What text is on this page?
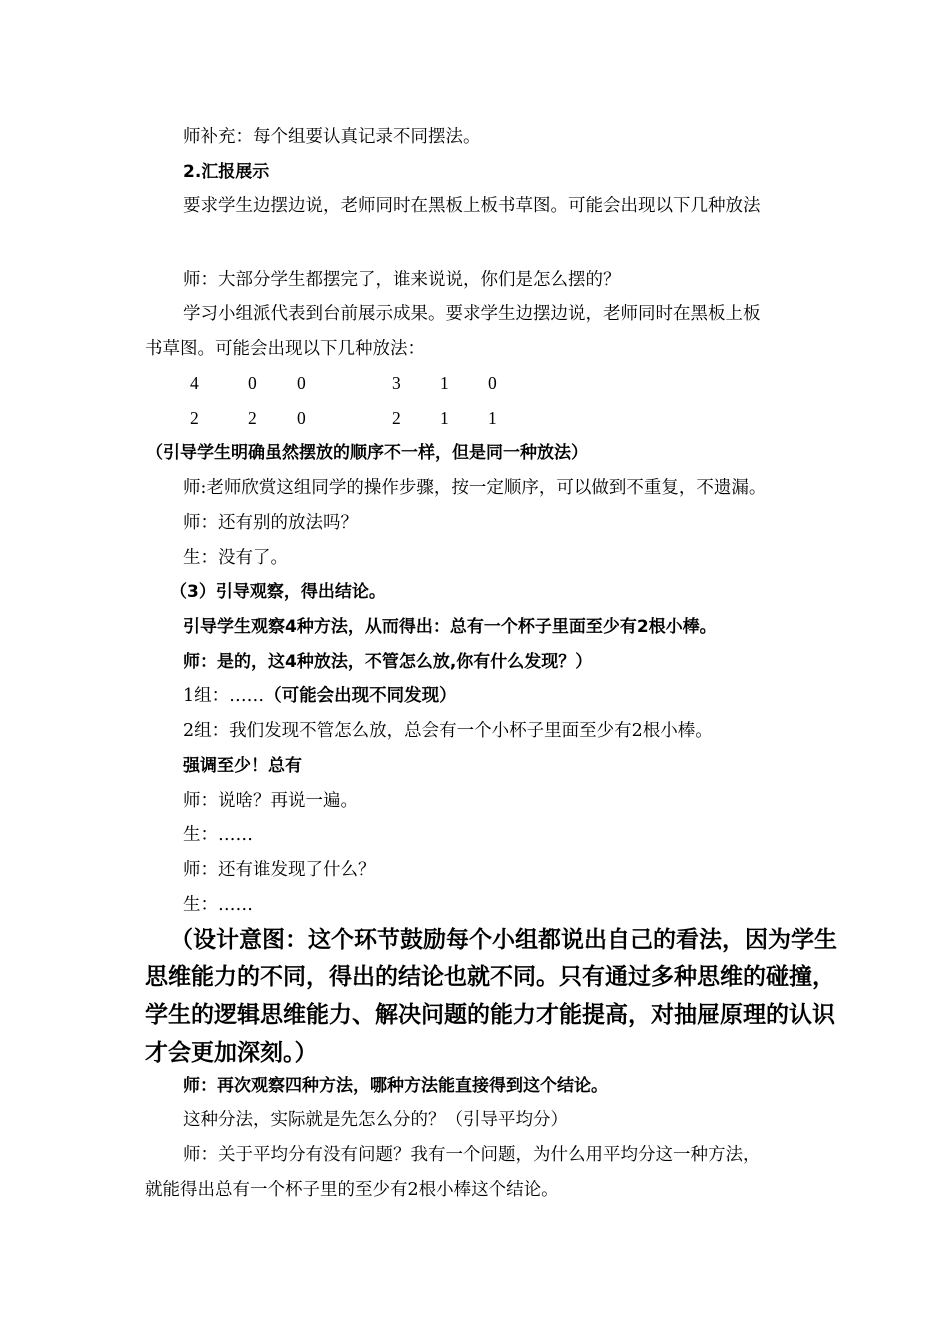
师补充：每个组要认真记录不同摆法。
2.汇报展示
要求学生边摆边说，老师同时在黑板上板书草图。可能会出现以下几种放法
师：大部分学生都摆完了，谁来说说，你们是怎么摆的？
学习小组派代表到台前展示成果。要求学生边摆边说，老师同时在黑板上板
书草图。可能会出现以下几种放法：
4	0 0	3 1 0
2	2 0	2 1 1
（引导学生明确虽然摆放的顺序不一样，但是同一种放法）
师:老师欣赏这组同学的操作步骤，按一定顺序，可以做到不重复，不遗漏。
师：还有别的放法吗？
生：没有了。
（3）引导观察，得出结论。
引导学生观察4种方法，从而得出：总有一个杯子里面至少有2根小棒。
师：是的，这4种放法，不管怎么放,你有什么发现？）
1组：……（可能会出现不同发现）
2组：我们发现不管怎么放，总会有一个小杯子里面至少有2根小棒。
强调至少！总有
师：说啥？再说一遍。
生：……
师：还有谁发现了什么？
生：……
（设计意图：这个环节鼓励每个小组都说出自己的看法，因为学生
思维能力的不同，得出的结论也就不同。只有通过多种思维的碰撞，
学生的逻辑思维能力、解决问题的能力才能提高，对抽屉原理的认识
才会更加深刻。）
师：再次观察四种方法，哪种方法能直接得到这个结论。
这种分法，实际就是先怎么分的？（引导平均分）
师：关于平均分有没有问题？我有一个问题，为什么用平均分这一种方法，
就能得出总有一个杯子里的至少有2根小棒这个结论。
